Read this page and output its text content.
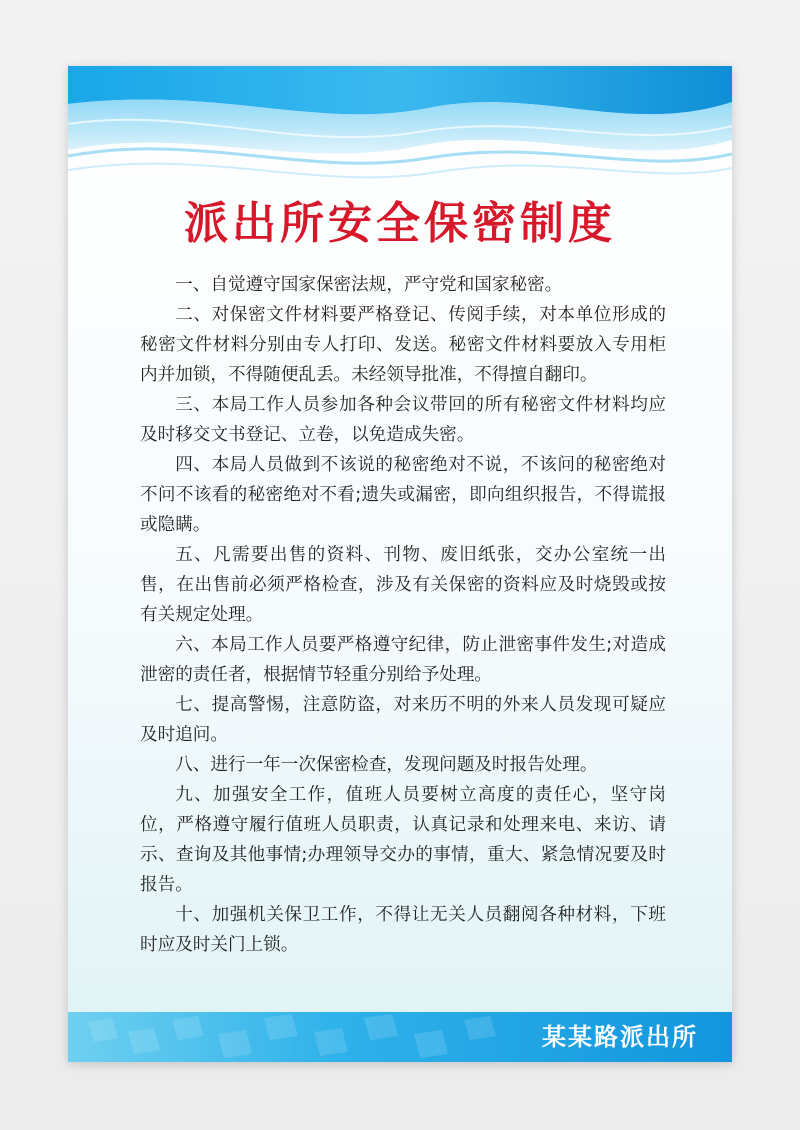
派出所安全保密制度

一、自觉遵守国家保密法规，严守党和国家秘密。

二、对保密文件材料要严格登记、传阅手续，对本单位形成的秘密文件材料分别由专人打印、发送。秘密文件材料要放入专用柜内并加锁，不得随便乱丢。未经领导批准，不得擅自翻印。

三、本局工作人员参加各种会议带回的所有秘密文件材料均应及时移交文书登记、立卷，以免造成失密。

四、本局人员做到不该说的秘密绝对不说，不该问的秘密绝对不问不该看的秘密绝对不看;遗失或漏密，即向组织报告，不得谎报或隐瞒。

五、凡需要出售的资料、刊物、废旧纸张，交办公室统一出售，在出售前必须严格检查，涉及有关保密的资料应及时烧毁或按有关规定处理。

六、本局工作人员要严格遵守纪律，防止泄密事件发生;对造成泄密的责任者，根据情节轻重分别给予处理。

七、提高警惕，注意防盗，对来历不明的外来人员发现可疑应及时追问。

八、进行一年一次保密检查，发现问题及时报告处理。

九、加强安全工作，值班人员要树立高度的责任心，坚守岗位，严格遵守履行值班人员职责，认真记录和处理来电、来访、请示、查询及其他事情;办理领导交办的事情，重大、紧急情况要及时报告。

十、加强机关保卫工作，不得让无关人员翻阅各种材料，下班时应及时关门上锁。

某某路派出所
